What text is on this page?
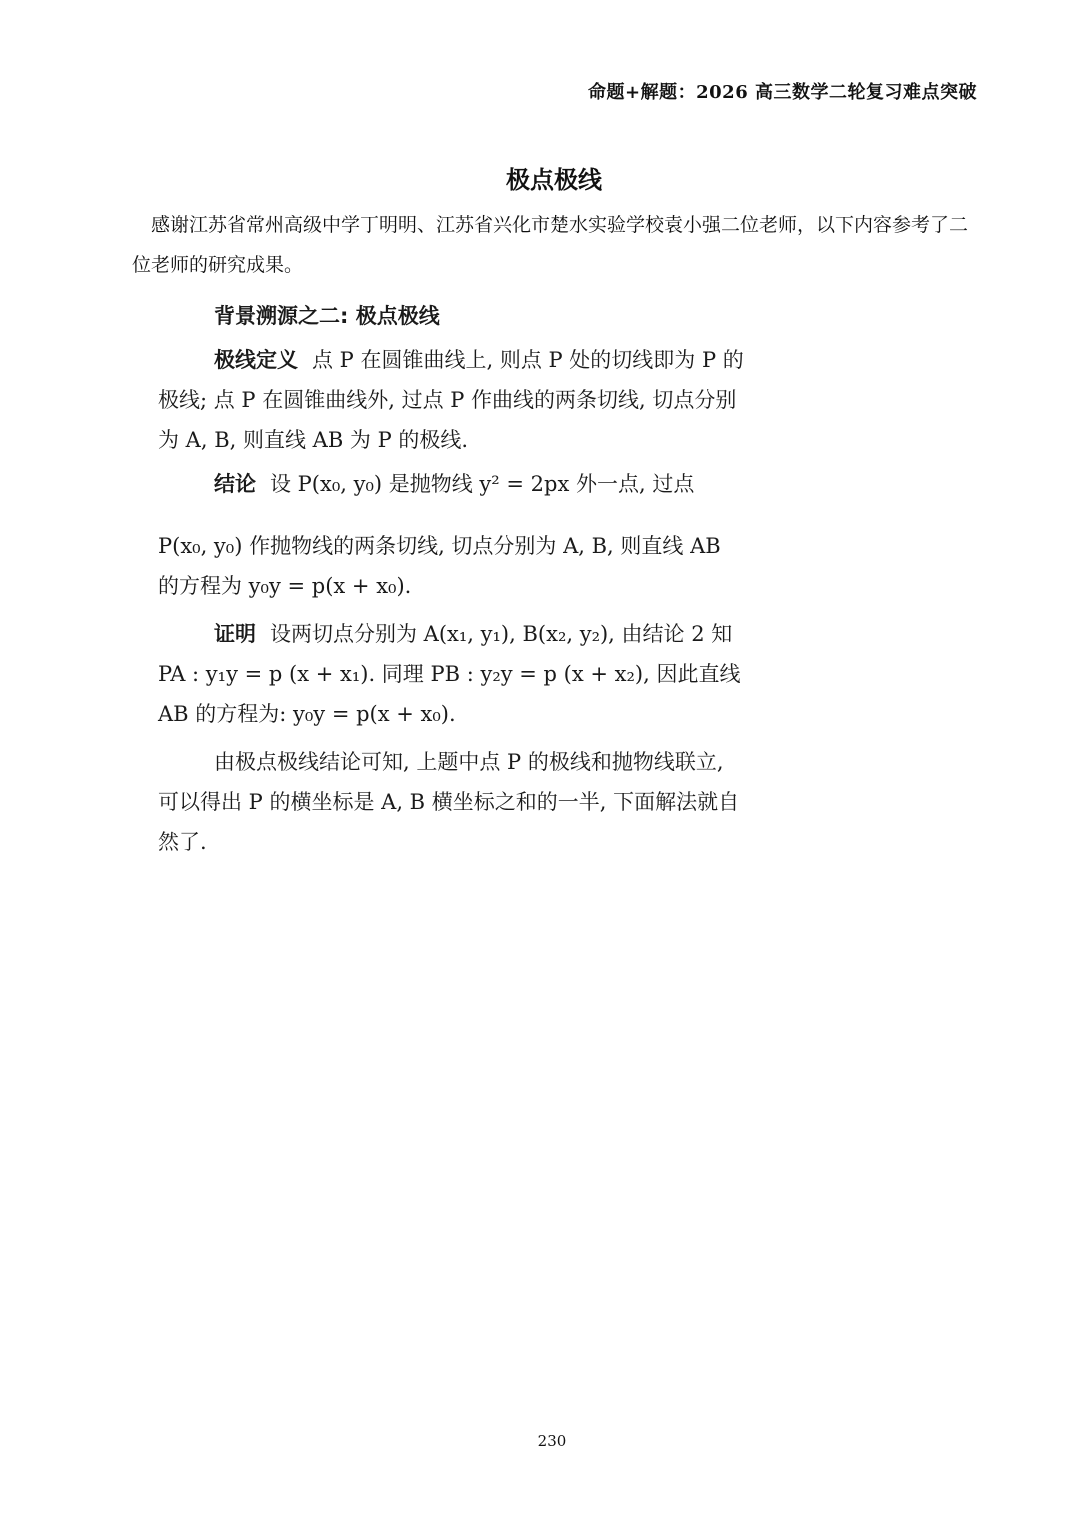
命题+解题：2026 高三数学二轮复习难点突破
极点极线
感谢江苏省常州高级中学丁明明、江苏省兴化市楚水实验学校袁小强二位老师，以下内容参考了二位老师的研究成果。

背景溯源之二: 极点极线

极线定义 点 P 在圆锥曲线上, 则点 P 处的切线即为 P 的极线; 点 P 在圆锥曲线外, 过点 P 作曲线的两条切线, 切点分别为 A, B, 则直线 AB 为 P 的极线.

结论 设 P(x₀, y₀) 是抛物线 y² = 2px 外一点, 过点

P(x₀, y₀) 作抛物线的两条切线, 切点分别为 A, B, 则直线 AB 的方程为 y₀y = p(x + x₀).

证明 设两切点分别为 A(x₁, y₁), B(x₂, y₂), 由结论 2 知 PA : y₁y = p (x + x₁). 同理 PB : y₂y = p (x + x₂), 因此直线 AB 的方程为: y₀y = p(x + x₀).

由极点极线结论可知, 上题中点 P 的极线和抛物线联立, 可以得出 P 的横坐标是 A, B 横坐标之和的一半, 下面解法就自然了.

230
